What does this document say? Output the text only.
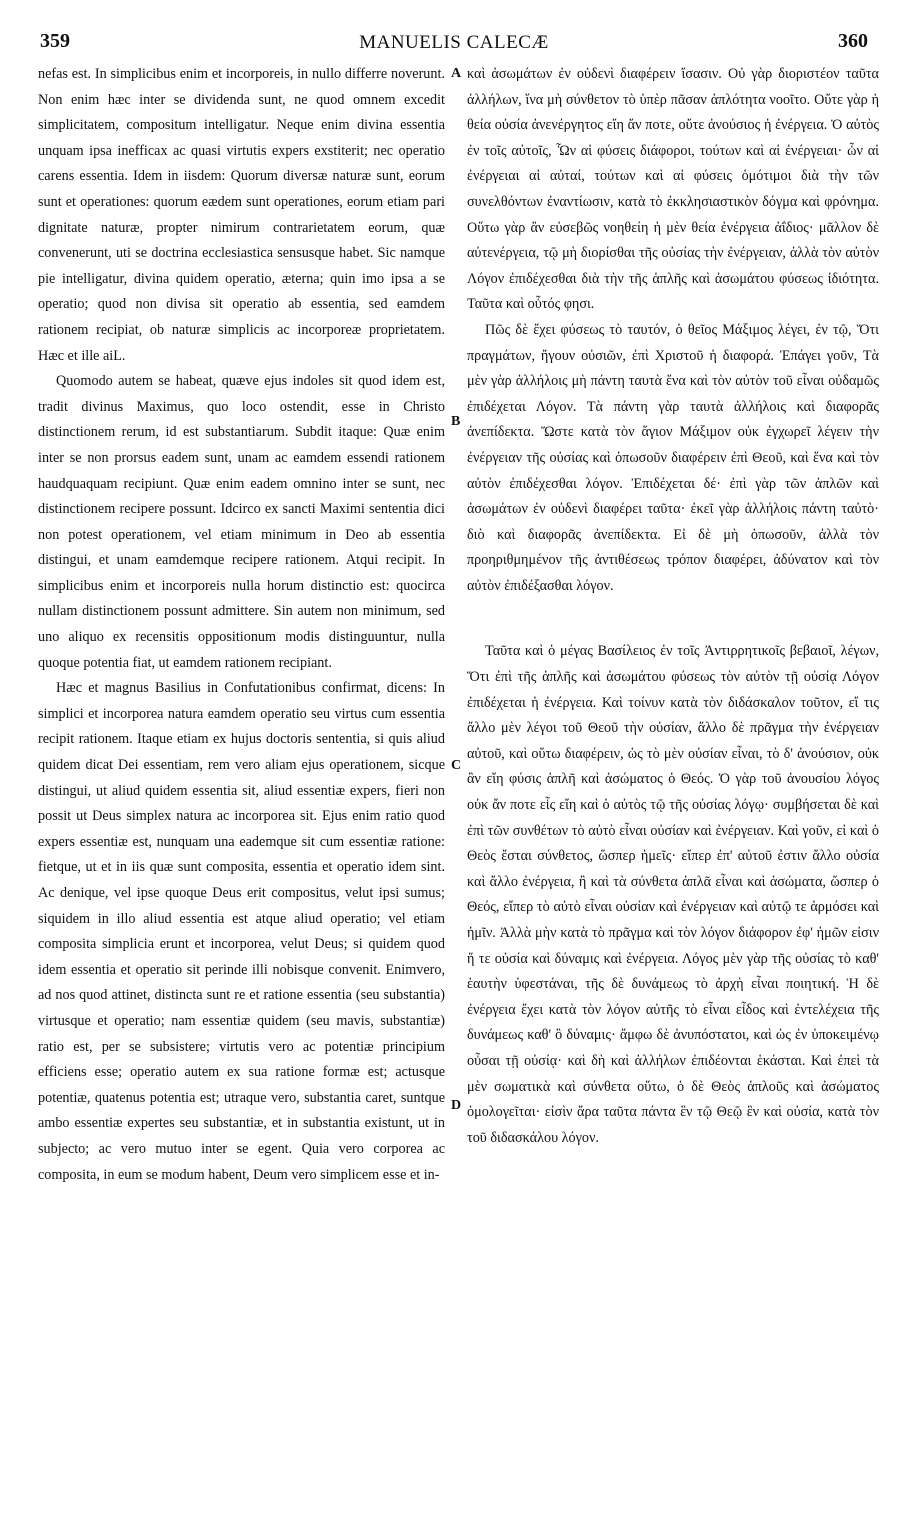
359	MANUELIS CALECÆ	360

nefas est. In simplicibus enim et incorporeis, in nullo differre noverunt. Non enim hæc inter se dividenda sunt, ne quod omnem excedit simplicitatem, compositum intelligatur. Neque enim divina essentia unquam ipsa inefficax ac quasi virtutis expers exstiterit; nec operatio carens essentia. Idem in iisdem: Quorum diversæ naturæ sunt, eorum sunt et operationes: quorum eædem sunt operationes, eorum etiam pari dignitate naturæ, propter nimirum contrarietatem eorum, quæ convenerunt, uti se doctrina ecclesiastica sensusque habet. Sic namque pie intelligatur, divina quidem operatio, æterna; quin imo ipsa a se operatio; quod non divisa sit operatio ab essentia, sed eamdem rationem recipiat, ob naturæ simplicis ac incorporeæ proprietatem. Hæc et ille aiL.

Quomodo autem se habeat, quæve ejus indoles sit quod idem est, tradit divinus Maximus, quo loco ostendit, esse in Christo distinctionem rerum, id est substantiarum. Subdit itaque: Quæ enim inter se non prorsus eadem sunt, unam ac eamdem essendi rationem haudquaquam recipiunt. Quæ enim eadem omnino inter se sunt, nec distinctionem recipere possunt. Idcirco ex sancti Maximi sententia dici non potest operationem, vel etiam minimum in Deo ab essentia distingui, et unam eamdemque recipere rationem. Atqui recipit. In simplicibus enim et incorporeis nulla horum distinctio est: quocirca nullam distinctionem possunt admittere. Sin autem non minimum, sed uno aliquo ex recensitis oppositionum modis distinguuntur, nulla quoque potentia fiat, ut eamdem rationem recipiant.

Hæc et magnus Basilius in Confutationibus confirmat, dicens: In simplici et incorporea natura eamdem operatio seu virtus cum essentia recipit rationem. Itaque etiam ex hujus doctoris sententia, si quis aliud quidem dicat Dei essentiam, rem vero aliam ejus operationem, sicque distingui, ut aliud quidem essentia sit, aliud essentiæ expers, fieri non possit ut Deus simplex natura ac incorporea sit. Ejus enim ratio quod expers essentiæ est, nunquam una eademque sit cum essentiæ ratione: fietque, ut et in iis quæ sunt composita, essentia et operatio idem sint. Ac denique, vel ipse quoque Deus erit compositus, velut ipsi sumus; siquidem in illo aliud essentia est atque aliud operatio; vel etiam composita simplicia erunt et incorporea, velut Deus; si quidem quod idem essentia et operatio sit perinde illi nobisque convenit. Enimvero, ad nos quod attinet, distincta sunt re et ratione essentia (seu substantia) virtusque et operatio; nam essentiæ quidem (seu mavis, substantiæ) ratio est, per se subsistere; virtutis vero ac potentiæ principium efficiens esse; operatio autem ex sua ratione formæ est; actusque potentiæ, quatenus potentia est; utraque vero, substantia caret, suntque ambo essentiæ expertes seu substantiæ, et in substantia existunt, ut in subjecto; ac vero mutuo inter se egent. Quia vero corporea ac composita, in eum se modum habent, Deum vero simplicem esse et in-

A
B
C
D

καὶ ἀσωμάτων ἐν οὐδενὶ διαφέρειν ἴσασιν. Οὐ γὰρ διοριστέον ταῦτα ἀλλήλων, ἵνα μὴ σύνθετον τὸ ὑπὲρ πᾶσαν ἁπλότητα νοοῖτο. Οὔτε γὰρ ἡ θεία οὐσία ἀνενέργητος εἴη ἄν ποτε, οὔτε ἀνούσιος ἡ ἐνέργεια. Ὁ αὐτὸς ἐν τοῖς αὐτοῖς, Ὧν αἱ φύσεις διάφοροι, τούτων καὶ αἱ ἐνέργειαι· ὧν αἱ ἐνέργειαι αἱ αὐταί, τούτων καὶ αἱ φύσεις ὁμότιμοι διὰ τὴν τῶν συνελθόντων ἐναντίωσιν, κατὰ τὸ ἐκκλησιαστικὸν δόγμα καὶ φρόνημα. Οὕτω γὰρ ἂν εὐσεβῶς νοηθείη ἡ μὲν θεία ἐνέργεια ἀΐδιος· μᾶλλον δὲ αὐτενέργεια, τῷ μὴ διορίσθαι τῆς οὐσίας τὴν ἐνέργειαν, ἀλλὰ τὸν αὐτὸν Λόγον ἐπιδέχεσθαι διὰ τὴν τῆς ἁπλῆς καὶ ἀσωμάτου φύσεως ἰδιότητα. Ταῦτα καὶ οὗτός φησι.

Πῶς δὲ ἔχει φύσεως τὸ ταυτόν, ὁ θεῖος Μάξιμος λέγει, ἐν τῷ, Ὅτι πραγμάτων, ἤγουν οὐσιῶν, ἐπὶ Χριστοῦ ἡ διαφορά. Ἐπάγει γοῦν, Τὰ μὲν γὰρ ἀλλήλοις μὴ πάντη ταυτὰ ἕνα καὶ τὸν αὐτὸν τοῦ εἶναι οὐδαμῶς ἐπιδέχεται Λόγον. Τὰ πάντη γὰρ ταυτὰ ἀλλήλοις καὶ διαφορᾶς ἀνεπίδεκτα. Ὥστε κατὰ τὸν ἅγιον Μάξιμον οὐκ ἐγχωρεῖ λέγειν τὴν ἐνέργειαν τῆς οὐσίας καὶ ὁπωσοῦν διαφέρειν ἐπὶ Θεοῦ, καὶ ἕνα καὶ τὸν αὐτὸν ἐπιδέχεσθαι λόγον. Ἐπιδέχεται δέ· ἐπὶ γὰρ τῶν ἁπλῶν καὶ ἀσωμάτων ἐν οὐδενὶ διαφέρει ταῦτα· ἐκεῖ γὰρ ἀλλήλοις πάντη ταὐτὸ· διὸ καὶ διαφορᾶς ἀνεπίδεκτα. Εἰ δὲ μὴ ὁπωσοῦν, ἀλλὰ τὸν προηριθμημένον τῆς ἀντιθέσεως τρόπον διαφέρει, ἀδύνατον καὶ τὸν αὐτὸν ἐπιδέξασθαι λόγον.

Ταῦτα καὶ ὁ μέγας Βασίλειος ἐν τοῖς Ἀντιρρητικοῖς βεβαιοῖ, λέγων, Ὅτι ἐπὶ τῆς ἁπλῆς καὶ ἀσωμάτου φύσεως τὸν αὐτὸν τῇ οὐσίᾳ Λόγον ἐπιδέχεται ἡ ἐνέργεια. Καὶ τοίνυν κατὰ τὸν διδάσκαλον τοῦτον, εἴ τις ἄλλο μὲν λέγοι τοῦ Θεοῦ τὴν οὐσίαν, ἄλλο δὲ πρᾶγμα τὴν ἐνέργειαν αὐτοῦ, καὶ οὕτω διαφέρειν, ὡς τὸ μὲν οὐσίαν εἶναι, τὸ δ' ἀνούσιον, οὐκ ἂν εἴη φύσις ἁπλῆ καὶ ἀσώματος ὁ Θεός. Ὁ γὰρ τοῦ ἀνουσίου λόγος οὐκ ἄν ποτε εἷς εἴη καὶ ὁ αὐτὸς τῷ τῆς οὐσίας λόγῳ· συμβήσεται δὲ καὶ ἐπὶ τῶν συνθέτων τὸ αὐτὸ εἶναι οὐσίαν καὶ ἐνέργειαν. Καὶ γοῦν, εἰ καὶ ὁ Θεὸς ἔσται σύνθετος, ὥσπερ ἡμεῖς· εἴπερ ἐπ' αὐτοῦ ἐστιν ἄλλο οὐσία καὶ ἄλλο ἐνέργεια, ἢ καὶ τὰ σύνθετα ἁπλᾶ εἶναι καὶ ἀσώματα, ὥσπερ ὁ Θεός, εἴπερ τὸ αὐτὸ εἶναι οὐσίαν καὶ ἐνέργειαν καὶ αὐτῷ τε ἁρμόσει καὶ ἡμῖν. Ἀλλὰ μὴν κατὰ τὸ πρᾶγμα καὶ τὸν λόγον διάφορον ἐφ' ἡμῶν εἰσιν ἥ τε οὐσία καὶ δύναμις καὶ ἐνέργεια. Λόγος μὲν γὰρ τῆς οὐσίας τὸ καθ' ἑαυτὴν ὑφεστάναι, τῆς δὲ δυνάμεως τὸ ἀρχὴ εἶναι ποιητική. Ἡ δὲ ἐνέργεια ἔχει κατὰ τὸν λόγον αὐτῆς τὸ εἶναι εἶδος καὶ ἐντελέχεια τῆς δυνάμεως καθ' ὃ δύναμις· ἄμφω δὲ ἀνυπόστατοι, καὶ ὡς ἐν ὑποκειμένῳ οὖσαι τῇ οὐσίᾳ· καὶ δὴ καὶ ἀλλήλων ἐπιδέονται ἑκάσται. Καὶ ἐπεὶ τὰ μὲν σωματικὰ καὶ σύνθετα οὕτω, ὁ δὲ Θεὸς ἁπλοῦς καὶ ἀσώματος ὁμολογεῖται· εἰσὶν ἄρα ταῦτα πάντα ἓν τῷ Θεῷ ἓν καὶ οὐσία, κατὰ τὸν τοῦ διδασκάλου λόγον.
